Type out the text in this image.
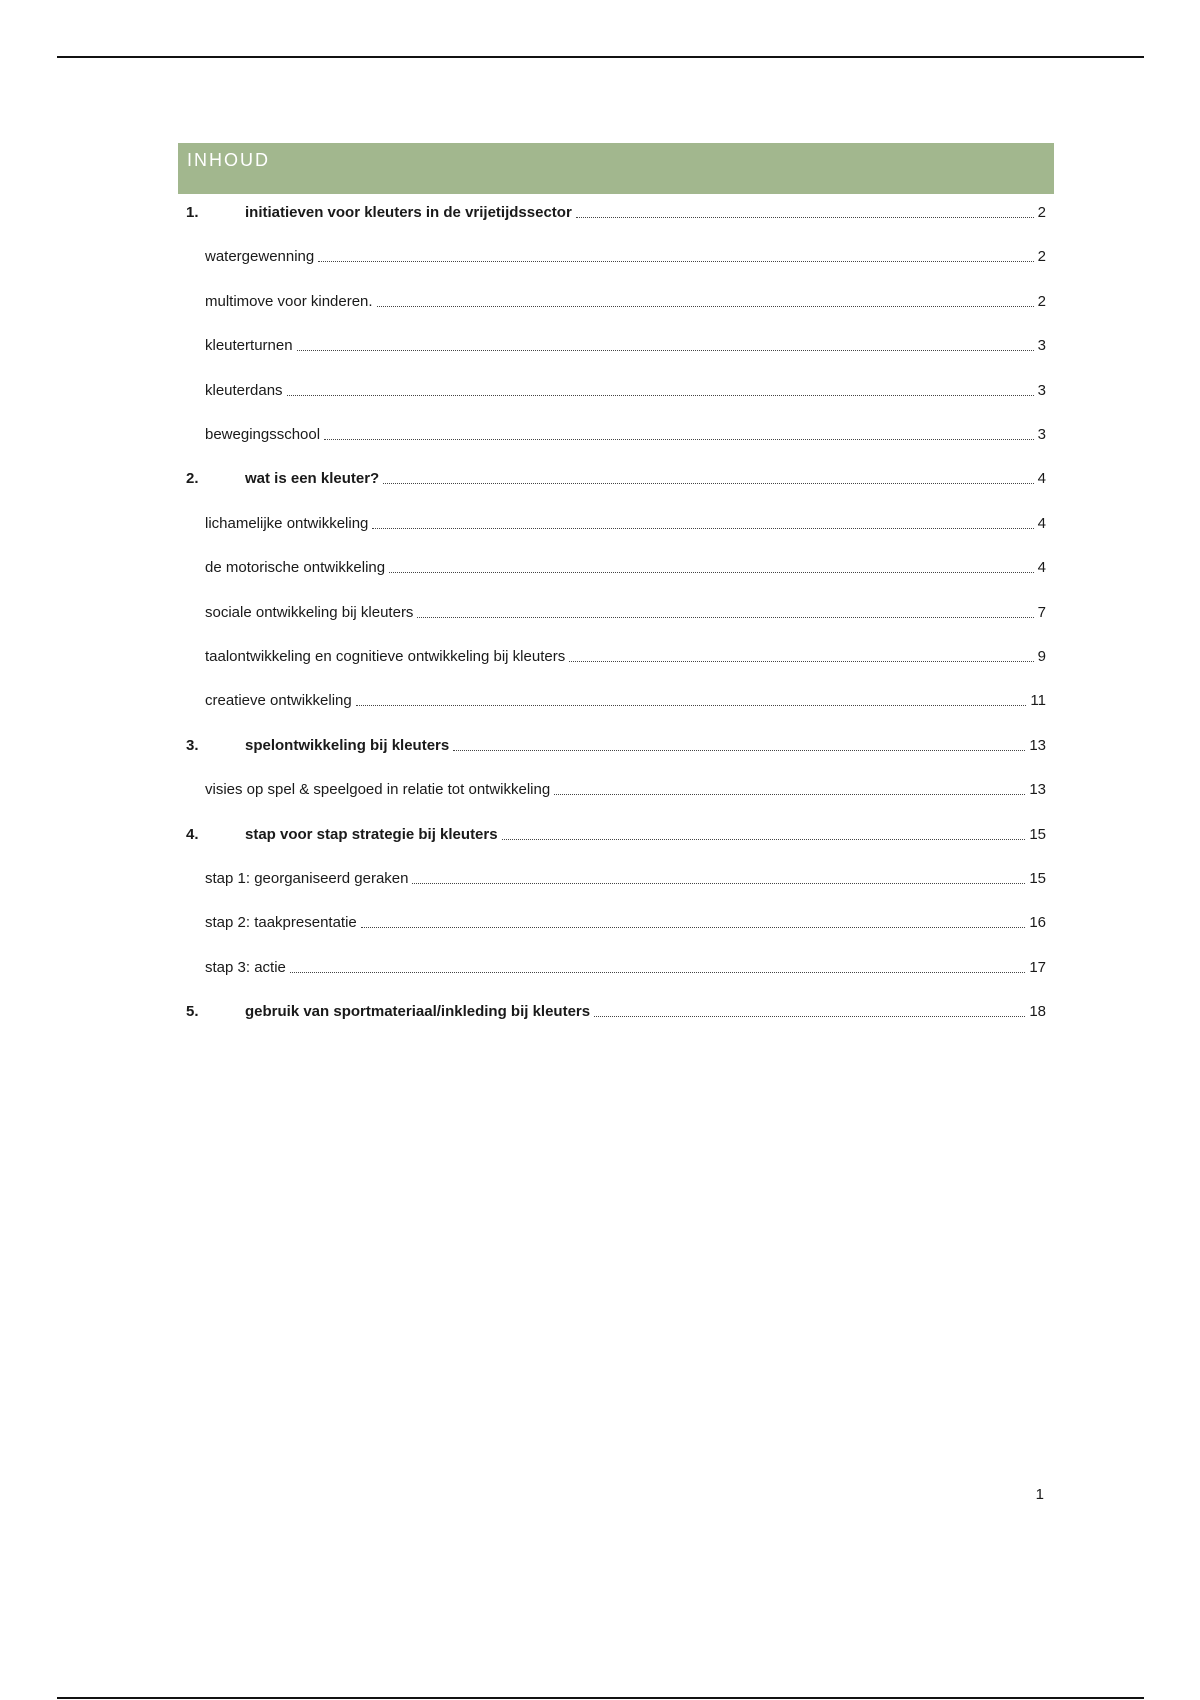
INHOUD
1.	initiatieven voor kleuters in de vrijetijdssector	2
watergewenning	2
multimove voor kinderen.	2
kleuterturnen	3
kleuterdans	3
bewegingsschool	3
2.	wat is een kleuter?	4
lichamelijke ontwikkeling	4
de motorische ontwikkeling	4
sociale ontwikkeling bij kleuters	7
taalontwikkeling en cognitieve ontwikkeling bij kleuters	9
creatieve ontwikkeling	11
3.	spelontwikkeling bij kleuters	13
visies op spel & speelgoed in relatie tot ontwikkeling	13
4.	stap voor stap strategie bij kleuters	15
stap 1: georganiseerd geraken	15
stap 2: taakpresentatie	16
stap 3: actie	17
5.	gebruik van sportmateriaal/inkleding bij kleuters	18
1
